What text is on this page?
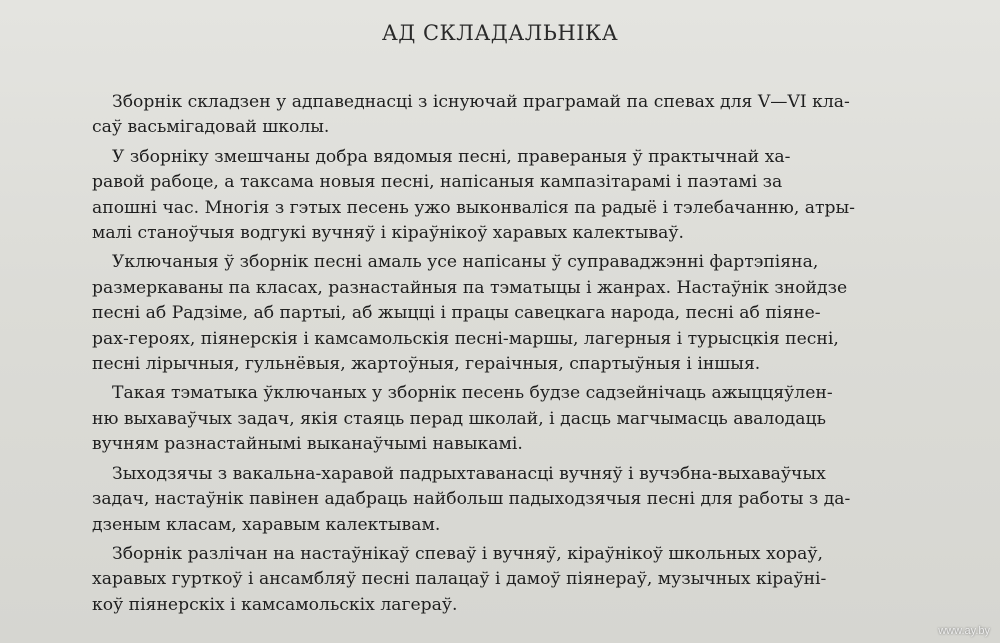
АД СКЛАДАЛЬНІКА
Зборнік складзен у адпаведнасці з існуючай праграмай па спевах для V—VI кла-
саў васьмігадовай школы.
У зборніку змешчаны добра вядомыя песні, правераныя ў практычнай ха-
равой рабоце, а таксама новыя песні, напісаныя кампазітарамі і паэтамі за
апошні час. Многія з гэтых песень ужо выконваліся па радыё і тэлебачанню, атры-
малі станоўчыя водгукі вучняў і кіраўнікоў харавых калектываў.
Уключаныя ў зборнік песні амаль усе напісаны ў суправаджэнні фартэпіяна,
размеркаваны па класах, разнастайныя па тэматыцы і жанрах. Настаўнік знойдзе
песні аб Радзіме, аб партыі, аб жыцці і працы савецкага народа, песні аб піяне-
рах-героях, піянерскія і камсамольскія песні-маршы, лагерныя і турысцкія песні,
песні лірычныя, гульнёвыя, жартоўныя, гераічныя, спартыўныя і іншыя.
Такая тэматыка ўключаных у зборнік песень будзе садзейнічаць ажыццяўлен-
ню выхаваўчых задач, якія стаяць перад школай, і дасць магчымасць авалодаць
вучням разнастайнымі выканаўчымі навыкамі.
Зыходзячы з вакальна-харавой падрыхтаванасці вучняў і вучэбна-выхаваўчых
задач, настаўнік павінен адабраць найбольш падыходзячыя песні для работы з да-
дзеным класам, харавым калектывам.
Зборнік разлічан на настаўнікаў спеваў і вучняў, кіраўнікоў школьных хораў,
харавых гурткоў і ансамбляў песні палацаў і дамоў піянераў, музычных кіраўні-
коў піянерскіх і камсамольскіх лагераў.
www.ay.by
